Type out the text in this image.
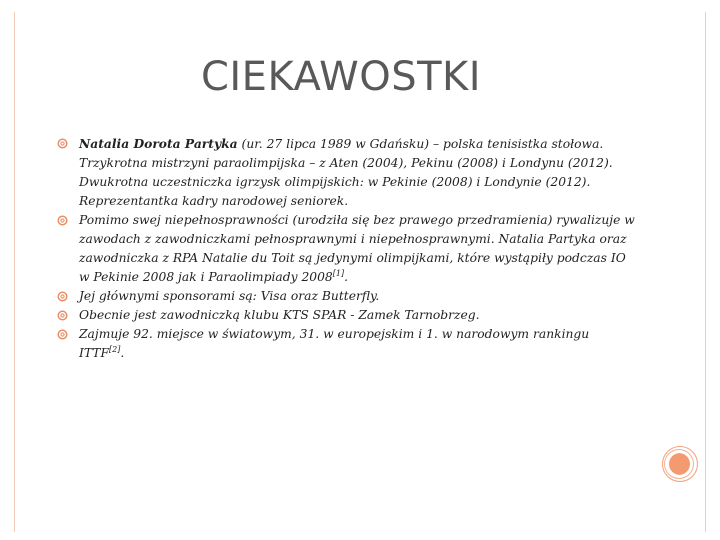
CIEKAWOSTKI
Natalia Dorota Partyka (ur. 27 lipca 1989 w Gdańsku) – polska tenisistka stołowa. Trzykrotna mistrzyni paraolimpijska – z Aten (2004), Pekinu (2008) i Londynu (2012). Dwukrotna uczestniczka igrzysk olimpijskich: w Pekinie (2008) i Londynie (2012). Reprezentantka kadry narodowej seniorek.
Pomimo swej niepełnosprawności (urodziła się bez prawego przedramienia) rywalizuje w zawodach z zawodniczkami pełnosprawnymi i niepełnosprawnymi. Natalia Partyka oraz zawodniczka z RPA Natalie du Toit są jedynymi olimpijkami, które wystąpiły podczas IO w Pekinie 2008 jak i Paraolimpiady 2008[1].
Jej głównymi sponsorami są: Visa oraz Butterfly.
Obecnie jest zawodniczką klubu KTS SPAR - Zamek Tarnobrzeg.
Zajmuje 92. miejsce w światowym, 31. w europejskim i 1. w narodowym rankingu ITTF[2].
